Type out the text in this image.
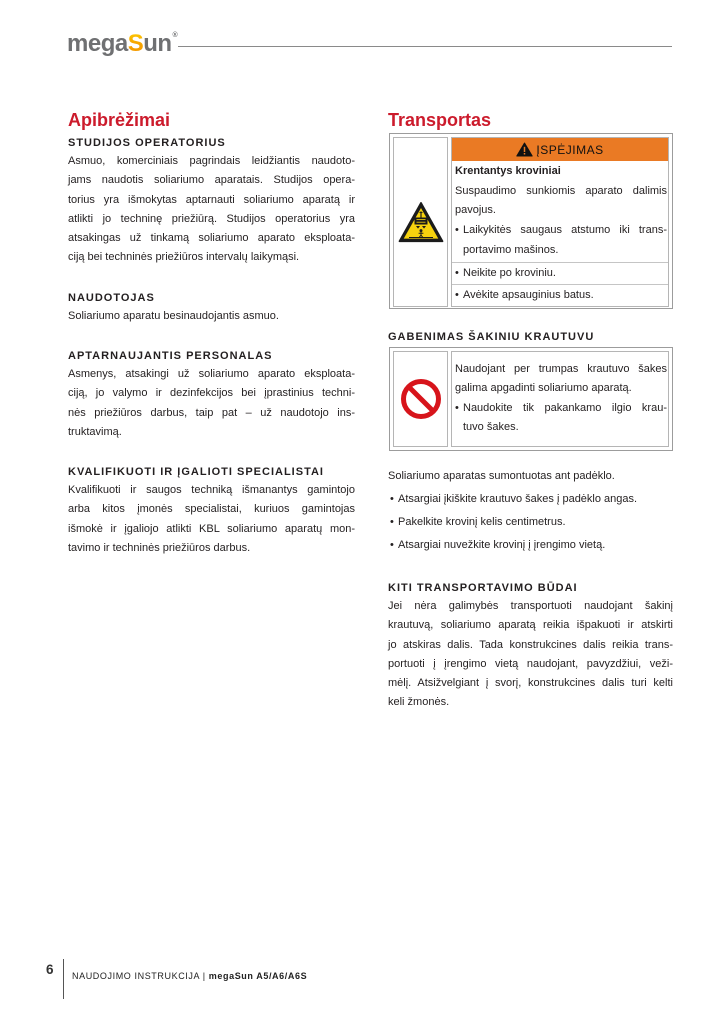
megaSun®
Apibrėžimai
STUDIJOS OPERATORIUS
Asmuo, komerciniais pagrindais leidžiantis naudoto-
jams naudotis soliariumo aparatais. Studijos opera-
torius yra išmokytas aptarnauti soliariumo aparatą ir
atlikti jo techninę priežiūrą. Studijos operatorius yra
atsakingas už tinkamą soliariumo aparato eksploata-
ciją bei techninės priežiūros intervalų laikymąsi.
NAUDOTOJAS
Soliariumo aparatu besinaudojantis asmuo.
APTARNAUJANTIS PERSONALAS
Asmenys, atsakingi už soliariumo aparato eksploata-
ciją, jo valymo ir dezinfekcijos bei įprastinius techni-
nės priežiūros darbus, taip pat – už naudotojo ins-
truktavimą.
KVALIFIKUOTI IR ĮGALIOTI SPECIALISTAI
Kvalifikuoti ir saugos techniką išmanantys gamintojo
arba kitos įmonės specialistai, kuriuos gamintojas
išmokė ir įgaliojo atlikti KBL soliariumo aparatų mon-
tavimo ir techninės priežiūros darbus.
Transportas
ĮSPĖJIMAS
Krentantys kroviniai
Suspaudimo sunkiomis aparato dalimis
pavojus.
• Laikykitės saugaus atstumo iki trans-
portavimo mašinos.
• Neikite po kroviniu.
• Avėkite apsauginius batus.
GABENIMAS ŠAKINIU KRAUTUVU
Naudojant per trumpas krautuvo šakes
galima apgadinti soliariumo aparatą.
• Naudokite tik pakankamo ilgio krau-
tuvo šakes.
Soliariumo aparatas sumontuotas ant padėklo.
• Atsargiai įkiškite krautuvo šakes į padėklo angas.
• Pakelkite krovinį kelis centimetrus.
• Atsargiai nuvežkite krovinį į įrengimo vietą.
KITI TRANSPORTAVIMO BŪDAI
Jei nėra galimybės transportuoti naudojant šakinį
krautuvą, soliariumo aparatą reikia išpakuoti ir atskirti
jo atskiras dalis. Tada konstrukcines dalis reikia trans-
portuoti į įrengimo vietą naudojant, pavyzdžiui, veži-
mėlį. Atsižvelgiant į svorį, konstrukcines dalis turi kelti
keli žmonės.
6 NAUDOJIMO INSTRUKCIJA | megaSun A5/A6/A6S
